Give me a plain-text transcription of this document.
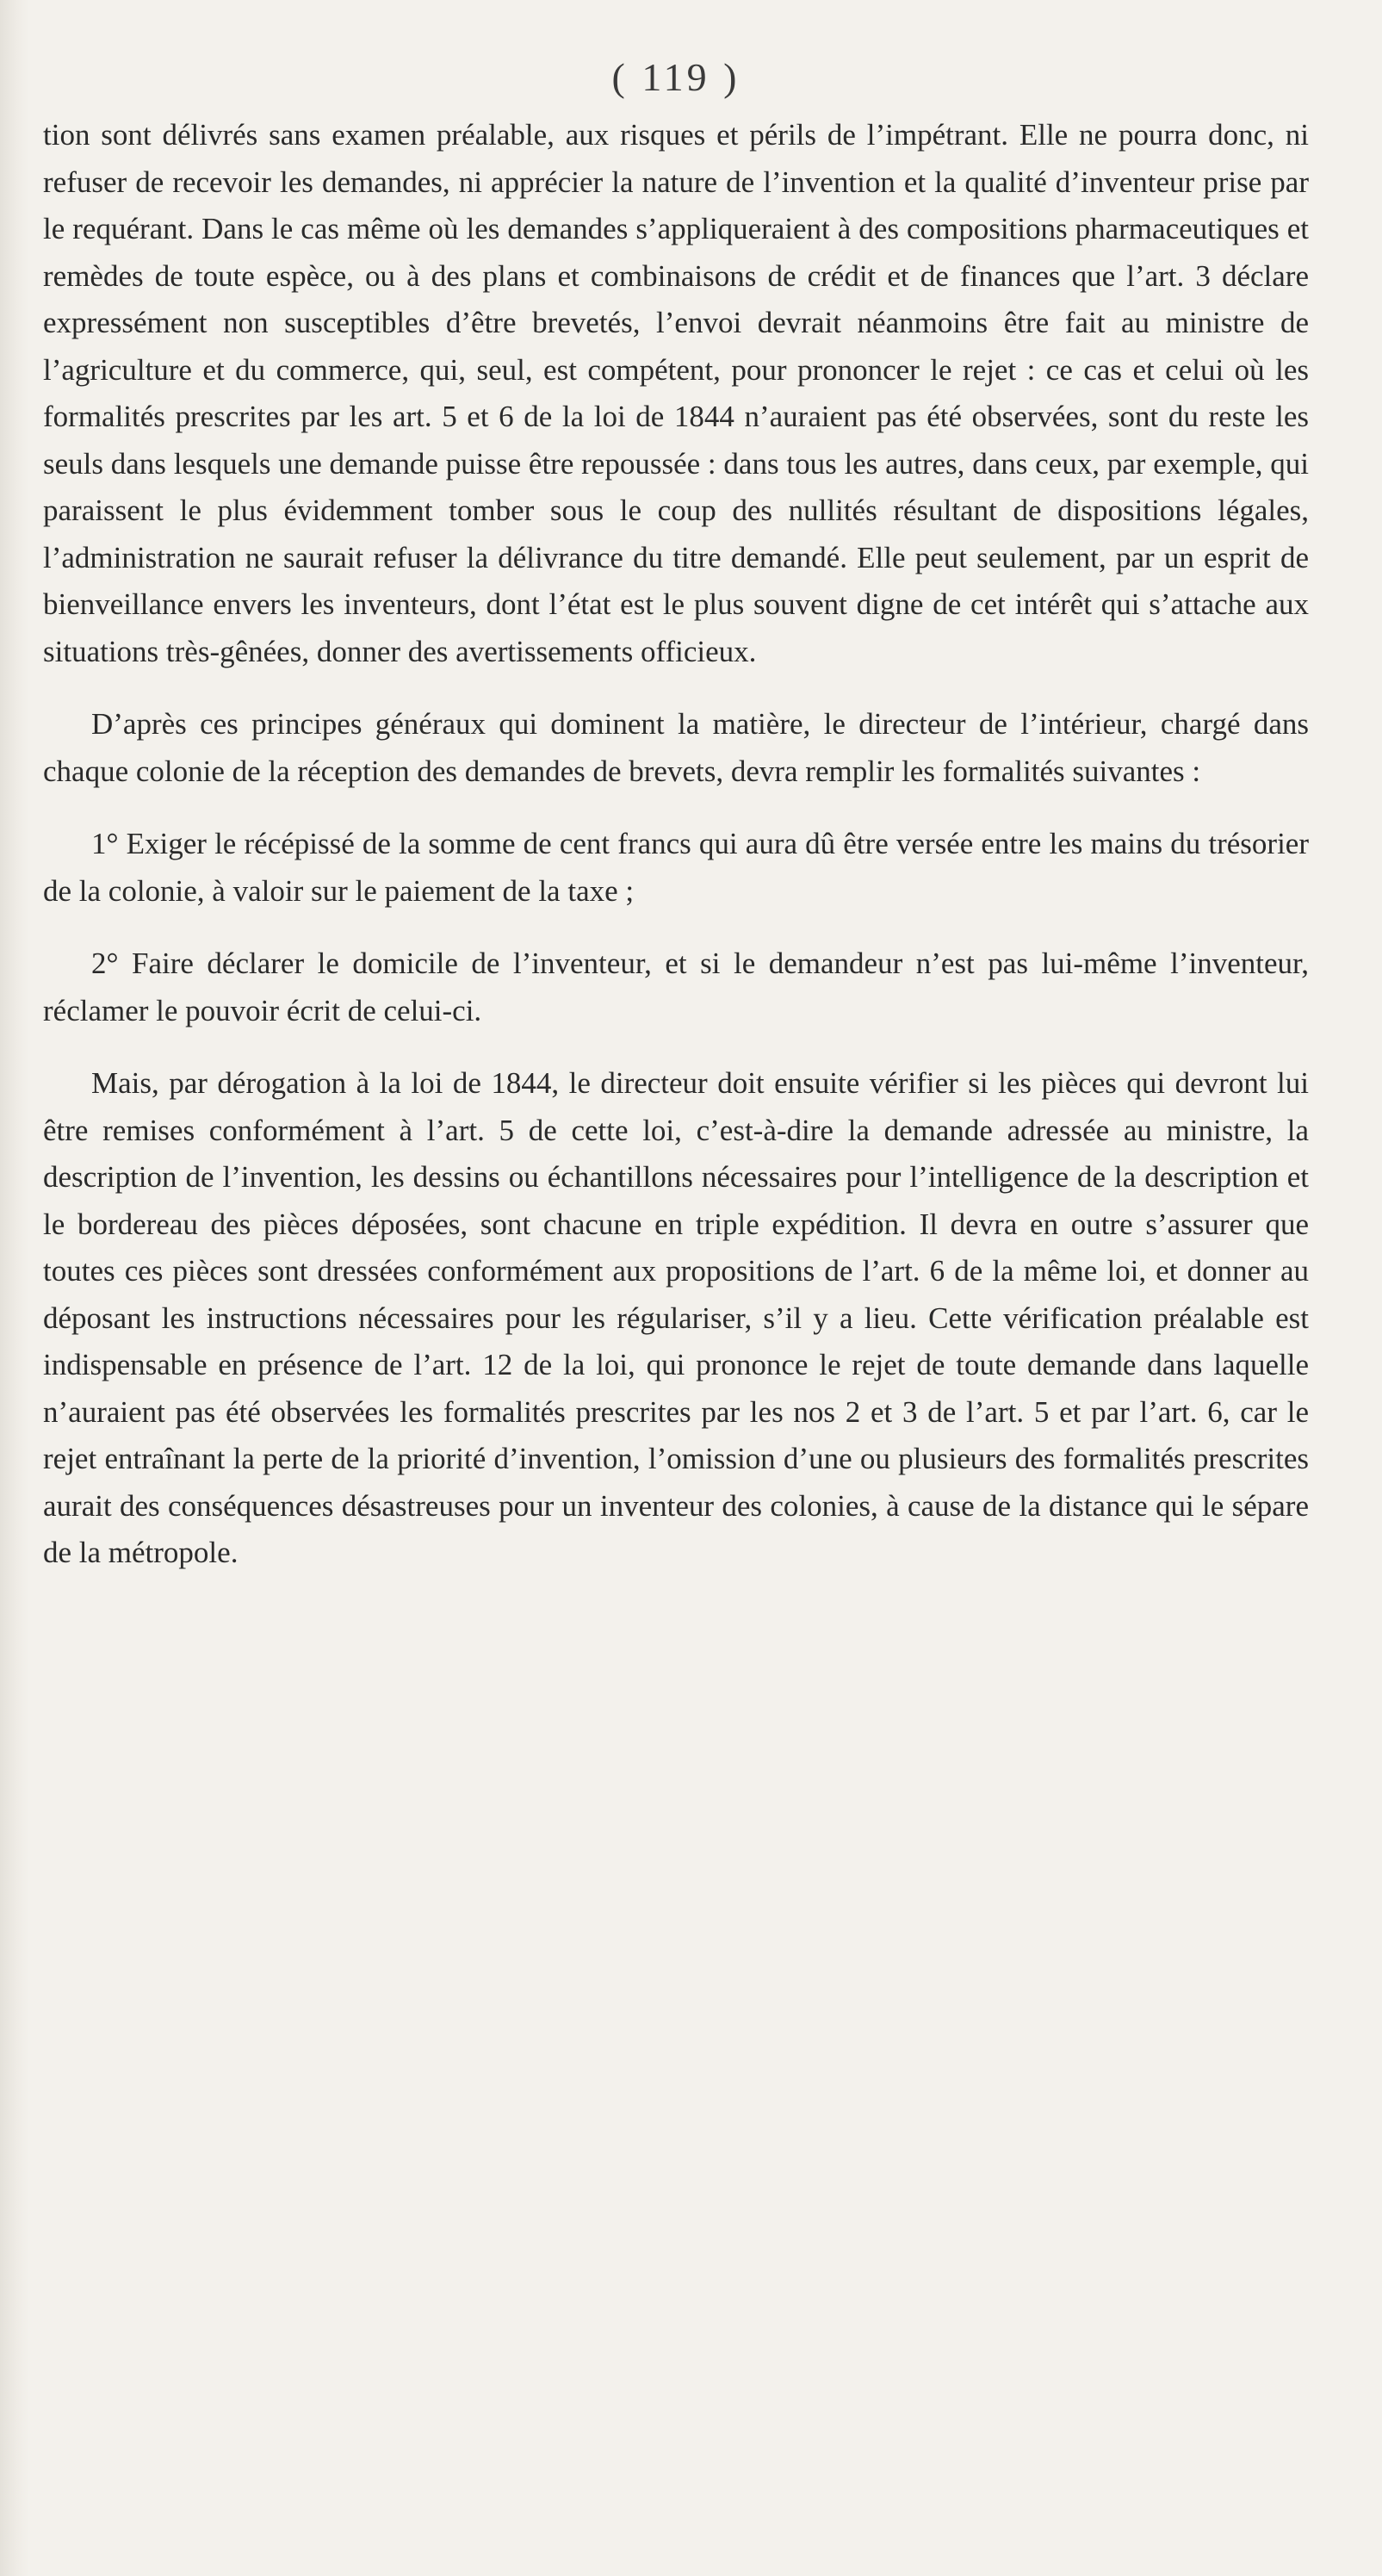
( 119 )

tion sont délivrés sans examen préalable, aux risques et périls de l’impétrant. Elle ne pourra donc, ni refuser de recevoir les demandes, ni apprécier la nature de l’invention et la qualité d’inventeur prise par le requérant. Dans le cas même où les demandes s’appliqueraient à des compositions pharmaceutiques et remèdes de toute espèce, ou à des plans et combinaisons de crédit et de finances que l’art. 3 déclare expressément non susceptibles d’être brevetés, l’envoi devrait néanmoins être fait au ministre de l’agriculture et du commerce, qui, seul, est compétent, pour prononcer le rejet : ce cas et celui où les formalités prescrites par les art. 5 et 6 de la loi de 1844 n’auraient pas été observées, sont du reste les seuls dans lesquels une demande puisse être repoussée : dans tous les autres, dans ceux, par exemple, qui paraissent le plus évidemment tomber sous le coup des nullités résultant de dispositions légales, l’administration ne saurait refuser la délivrance du titre demandé. Elle peut seulement, par un esprit de bienveillance envers les inventeurs, dont l’état est le plus souvent digne de cet intérêt qui s’attache aux situations très-gênées, donner des avertissements officieux.

D’après ces principes généraux qui dominent la matière, le directeur de l’intérieur, chargé dans chaque colonie de la réception des demandes de brevets, devra remplir les formalités suivantes :

1° Exiger le récépissé de la somme de cent francs qui aura dû être versée entre les mains du trésorier de la colonie, à valoir sur le paiement de la taxe ;

2° Faire déclarer le domicile de l’inventeur, et si le demandeur n’est pas lui-même l’inventeur, réclamer le pouvoir écrit de celui-ci.

Mais, par dérogation à la loi de 1844, le directeur doit ensuite vérifier si les pièces qui devront lui être remises conformément à l’art. 5 de cette loi, c’est-à-dire la demande adressée au ministre, la description de l’invention, les dessins ou échantillons nécessaires pour l’intelligence de la description et le bordereau des pièces déposées, sont chacune en triple expédition. Il devra en outre s’assurer que toutes ces pièces sont dressées conformément aux propositions de l’art. 6 de la même loi, et donner au déposant les instructions nécessaires pour les régulariser, s’il y a lieu. Cette vérification préalable est indispensable en présence de l’art. 12 de la loi, qui prononce le rejet de toute demande dans laquelle n’auraient pas été observées les formalités prescrites par les nos 2 et 3 de l’art. 5 et par l’art. 6, car le rejet entraînant la perte de la priorité d’invention, l’omission d’une ou plusieurs des formalités prescrites aurait des conséquences désastreuses pour un inventeur des colonies, à cause de la distance qui le sépare de la métropole.
